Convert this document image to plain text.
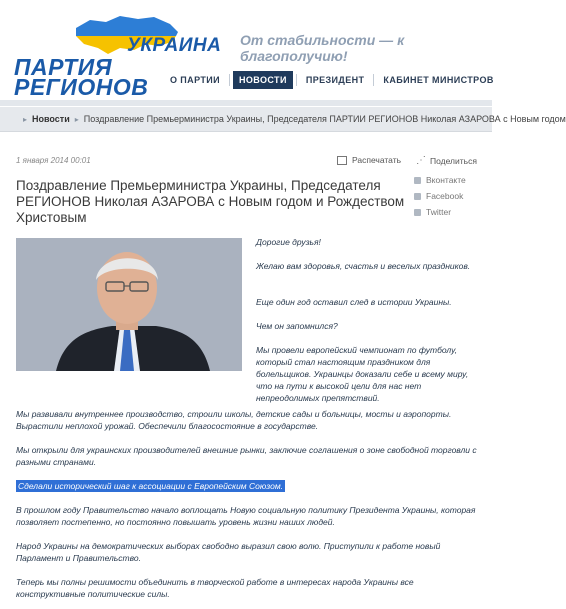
УКРАИНА
ПАРТИЯ
РЕГИОНОВ
От стабильности — к благополучию!
О ПАРТИИ	НОВОСТИ	ПРЕЗИДЕНТ	КАБИНЕТ МИНИСТРОВ
▸ Новости ▸ Поздравление Премьерминистра Украины, Председателя ПАРТИИ РЕГИОНОВ Николая АЗАРОВА с Новым годом
1 января 2014 00:01	Распечатать ⋰ Поделиться
Вконтакте
Facebook
Twitter
Поздравление Премьерминистра Украины, Председателя РЕГИОНОВ Николая АЗАРОВА с Новым годом и Рождеством Христовым

Дорогие друзья!

Желаю вам здоровья, счастья и веселых праздников.

Еще один год оставил след в истории Украины.

Чем он запомнился?

Мы провели европейский чемпионат по футболу, который стал настоящим праздником для болельщиков. Украинцы доказали себе и всему миру, что на пути к высокой цели для нас нет непреодолимых препятствий.

Мы развивали внутреннее производство, строили школы, детские сады и больницы, мосты и аэропорты. Вырастили неплохой урожай. Обеспечили благосостояние в государстве.

Мы открыли для украинских производителей внешние рынки, заключие соглашения о зоне свободной торговли с разными странами.

Сделали исторический шаг к ассоциации с Европейским Союзом.

В прошлом году Правительство начало воплощать Новую социальную политику Президента Украины, которая позволяет постепенно, но постоянно повышать уровень жизни наших людей.

Народ Украины на демократических выборах свободно выразил свою волю. Приступили к работе новый Парламент и Правительство.

Теперь мы полны решимости объединить в творческой работе в интересах народа Украины все конструктивные политические силы.
